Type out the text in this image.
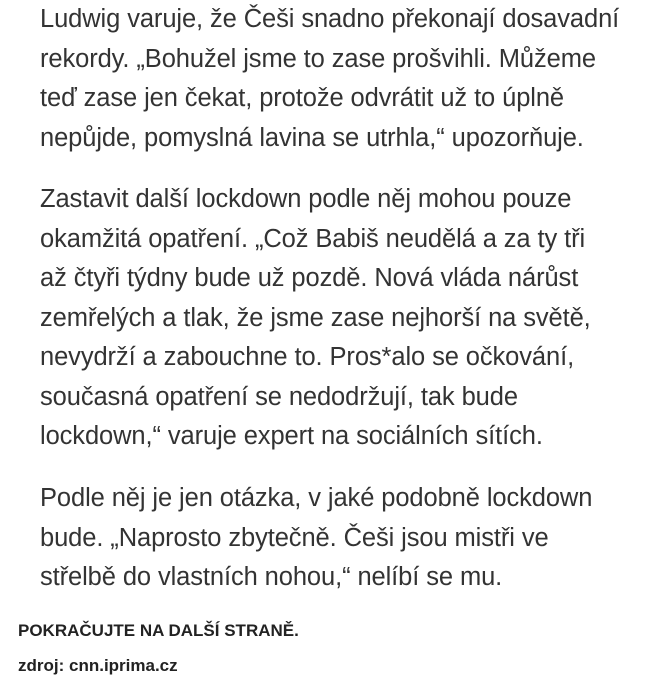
Ludwig varuje, že Češi snadno překonají dosavadní
rekordy. „Bohužel jsme to zase prošvihli. Můžeme
teď zase jen čekat, protože odvrátit už to úplně
nepůjde, pomyslná lavina se utrhla,“ upozorňuje.

Zastavit další lockdown podle něj mohou pouze
okamžitá opatření. „Což Babiš neudělá a za ty tři
až čtyři týdny bude už pozdě. Nová vláda nárůst
zemřelých a tlak, že jsme zase nejhorší na světě,
nevydrží a zabouchne to. Pros*alo se očkování,
současná opatření se nedodržují, tak bude
lockdown,“ varuje expert na sociálních sítích.

Podle něj je jen otázka, v jaké podobně lockdown
bude. „Naprosto zbytečně. Češi jsou mistři ve
střelbě do vlastních nohou,“ nelíbí se mu.

POKRAČUJTE NA DALŠÍ STRANĚ.
zdroj: cnn.iprima.cz
